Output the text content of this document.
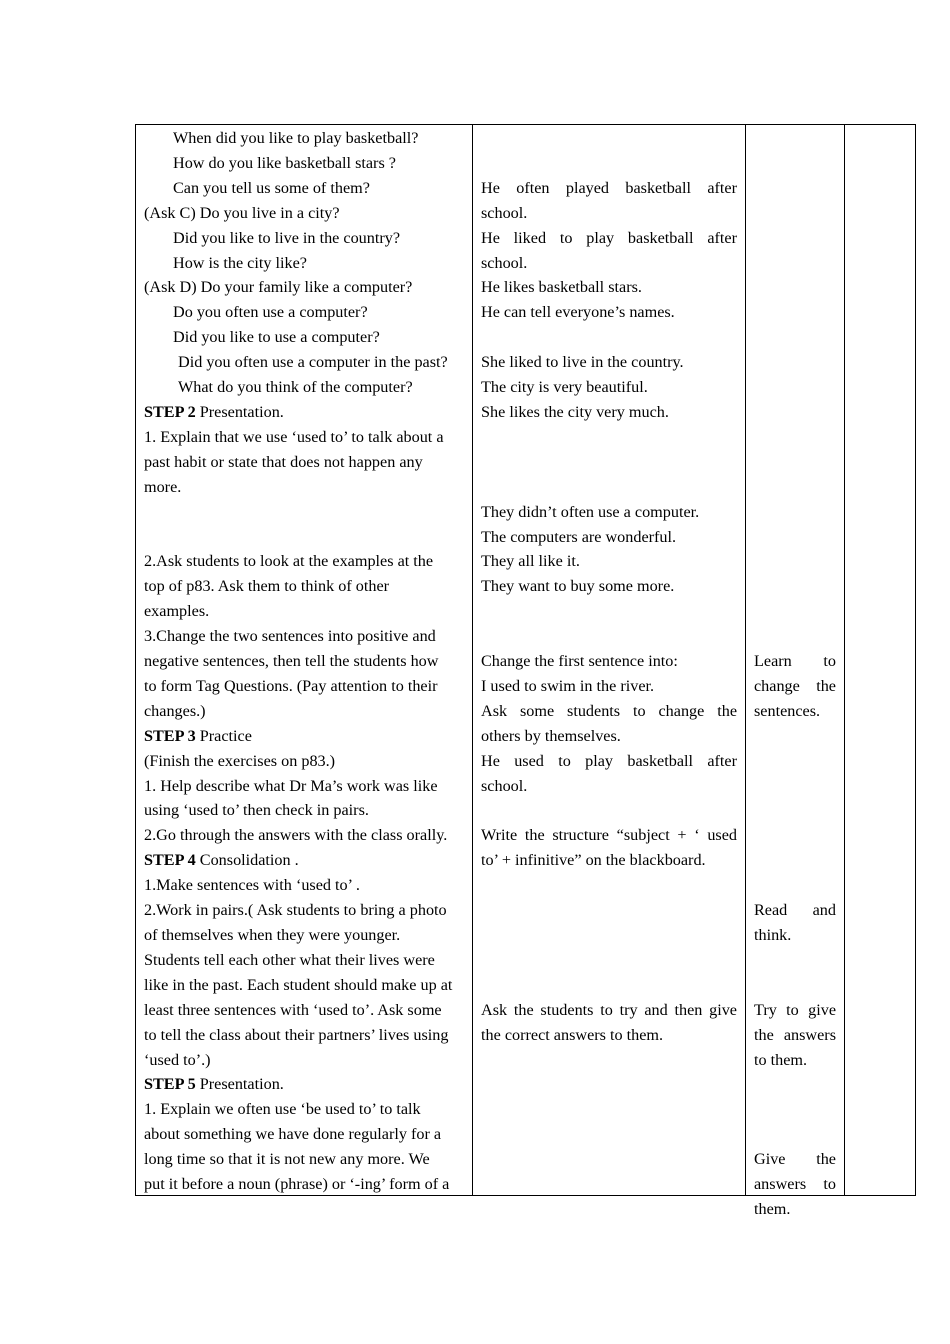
When did you like to play basketball?
How do you like basketball stars ?
Can you tell us some of them?
(Ask C) Do you live in a city?
Did you like to live in the country?
How is the city like?
(Ask D) Do your family like a computer?
Do you often use a computer?
Did you like to use a computer?
Did you often use a computer in the past?
What do you think of the computer?
STEP 2 Presentation.
1. Explain that we use ‘used to’ to talk about a
past habit or state that does not happen any
more.
2.Ask students to look at the examples at the
top of p83. Ask them to think of other
examples.
3.Change the two sentences into positive and
negative sentences, then tell the students how
to form Tag Questions. (Pay attention to their
changes.)
STEP 3 Practice
(Finish the exercises on p83.)
1. Help describe what Dr Ma’s work was like
using ‘used to’ then check in pairs.
2.Go through the answers with the class orally.
STEP 4 Consolidation .
1.Make sentences with ‘used to’ .
2.Work in pairs.( Ask students to bring a photo
of themselves when they were younger.
Students tell each other what their lives were
like in the past. Each student should make up at
least three sentences with ‘used to’. Ask some
to tell the class about their partners’ lives using
‘used to’.)
STEP 5 Presentation.
1. Explain we often use ‘be used to’ to talk
about something we have done regularly for a
long time so that it is not new any more. We
put it before a noun (phrase) or ‘-ing’ form of a
He often played basketball after
school.
He liked to play basketball after
school.
He likes basketball stars.
He can tell everyone’s names.
She liked to live in the country.
The city is very beautiful.
She likes the city very much.
They didn’t often use a computer.
The computers are wonderful.
They all like it.
They want to buy some more.
Change the first sentence into:
I used to swim in the river.
Ask some students to change the
others by themselves.
He used to play basketball after
school.
Write the structure “subject + ‘ used
to’ + infinitive” on the blackboard.
Ask the students to try and then give
the correct answers to them.
Learn to
change the
sentences.
Read and
think.
Try to give
the answers
to them.
Give the
answers to
them.
